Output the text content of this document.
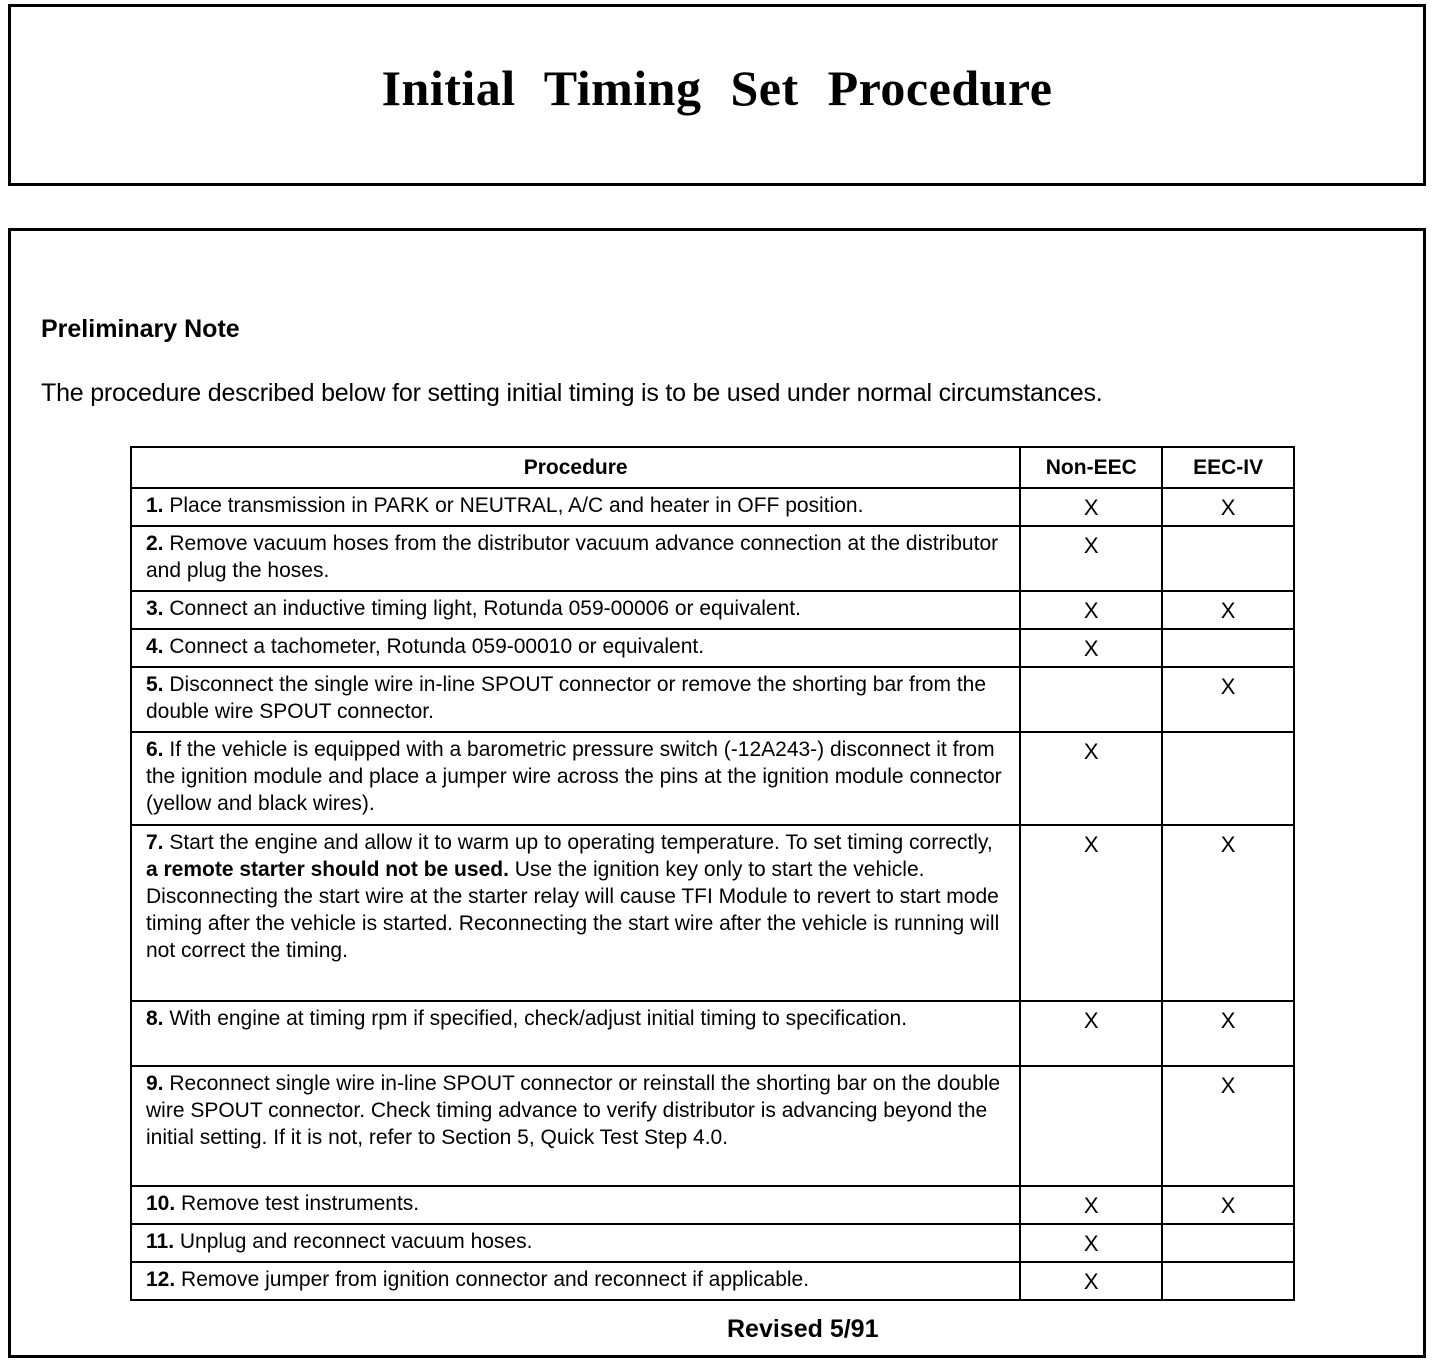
Initial Timing Set Procedure
Preliminary Note
The procedure described below for setting initial timing is to be used under normal circumstances.
Procedure	Non-EEC	EEC-IV
1. Place transmission in PARK or NEUTRAL, A/C and heater in OFF position.	X	X
2. Remove vacuum hoses from the distributor vacuum advance connection at the distributor and plug the hoses.	X	
3. Connect an inductive timing light, Rotunda 059-00006 or equivalent.	X	X
4. Connect a tachometer, Rotunda 059-00010 or equivalent.	X	
5. Disconnect the single wire in-line SPOUT connector or remove the shorting bar from the double wire SPOUT connector.		X
6. If the vehicle is equipped with a barometric pressure switch (-12A243-) disconnect it from the ignition module and place a jumper wire across the pins at the ignition module connector (yellow and black wires).	X	
7. Start the engine and allow it to warm up to operating temperature. To set timing correctly, a remote starter should not be used. Use the ignition key only to start the vehicle. Disconnecting the start wire at the starter relay will cause TFI Module to revert to start mode timing after the vehicle is started. Reconnecting the start wire after the vehicle is running will not correct the timing.	X	X
8. With engine at timing rpm if specified, check/adjust initial timing to specification.	X	X
9. Reconnect single wire in-line SPOUT connector or reinstall the shorting bar on the double wire SPOUT connector. Check timing advance to verify distributor is advancing beyond the initial setting. If it is not, refer to Section 5, Quick Test Step 4.0.		X
10. Remove test instruments.	X	X
11. Unplug and reconnect vacuum hoses.	X	
12. Remove jumper from ignition connector and reconnect if applicable.	X	
Revised 5/91
